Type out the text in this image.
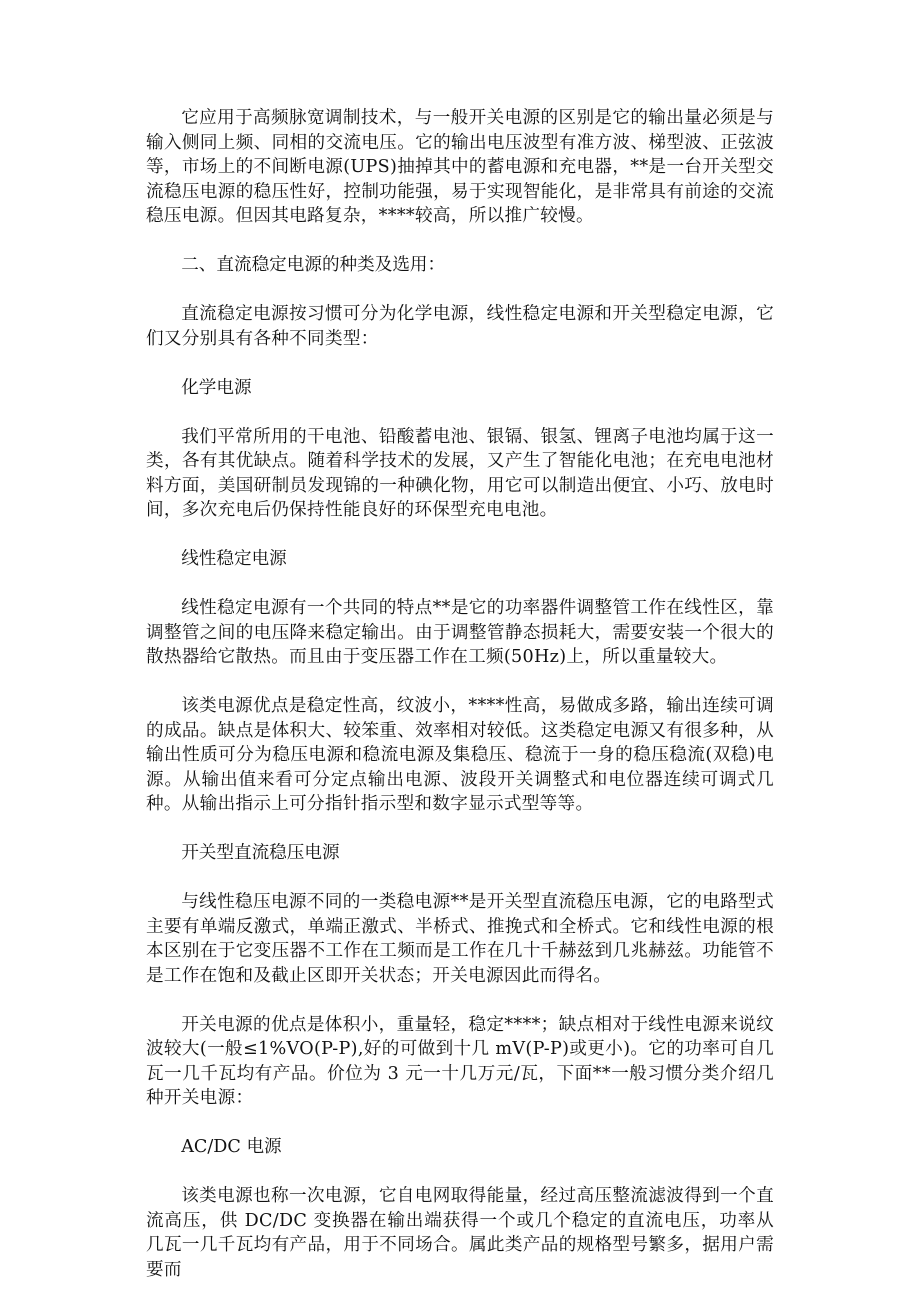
它应用于高频脉宽调制技术，与一般开关电源的区别是它的输出量必须是与输入侧同上频、同相的交流电压。它的输出电压波型有准方波、梯型波、正弦波等，市场上的不间断电源(UPS)抽掉其中的蓄电源和充电器，**是一台开关型交流稳压电源的稳压性好，控制功能强，易于实现智能化，是非常具有前途的交流稳压电源。但因其电路复杂，****较高，所以推广较慢。

二、直流稳定电源的种类及选用：

直流稳定电源按习惯可分为化学电源，线性稳定电源和开关型稳定电源，它们又分别具有各种不同类型：

化学电源

我们平常所用的干电池、铅酸蓄电池、银镉、银氢、锂离子电池均属于这一类，各有其优缺点。随着科学技术的发展，又产生了智能化电池；在充电电池材料方面，美国研制员发现锦的一种碘化物，用它可以制造出便宜、小巧、放电时间，多次充电后仍保持性能良好的环保型充电电池。

线性稳定电源

线性稳定电源有一个共同的特点**是它的功率器件调整管工作在线性区，靠调整管之间的电压降来稳定输出。由于调整管静态损耗大，需要安装一个很大的散热器给它散热。而且由于变压器工作在工频(50Hz)上，所以重量较大。

该类电源优点是稳定性高，纹波小，****性高，易做成多路，输出连续可调的成品。缺点是体积大、较笨重、效率相对较低。这类稳定电源又有很多种，从输出性质可分为稳压电源和稳流电源及集稳压、稳流于一身的稳压稳流(双稳)电源。从输出值来看可分定点输出电源、波段开关调整式和电位器连续可调式几种。从输出指示上可分指针指示型和数字显示式型等等。

开关型直流稳压电源

与线性稳压电源不同的一类稳电源**是开关型直流稳压电源，它的电路型式主要有单端反激式，单端正激式、半桥式、推挽式和全桥式。它和线性电源的根本区别在于它变压器不工作在工频而是工作在几十千赫兹到几兆赫兹。功能管不是工作在饱和及截止区即开关状态；开关电源因此而得名。

开关电源的优点是体积小，重量轻，稳定****；缺点相对于线性电源来说纹波较大(一般≤1%VO(P-P),好的可做到十几 mV(P-P)或更小)。它的功率可自几瓦一几千瓦均有产品。价位为 3 元一十几万元/瓦，下面**一般习惯分类介绍几种开关电源：

AC/DC 电源

该类电源也称一次电源，它自电网取得能量，经过高压整流滤波得到一个直流高压，供 DC/DC 变换器在输出端获得一个或几个稳定的直流电压，功率从几瓦一几千瓦均有产品，用于不同场合。属此类产品的规格型号繁多，据用户需要而
